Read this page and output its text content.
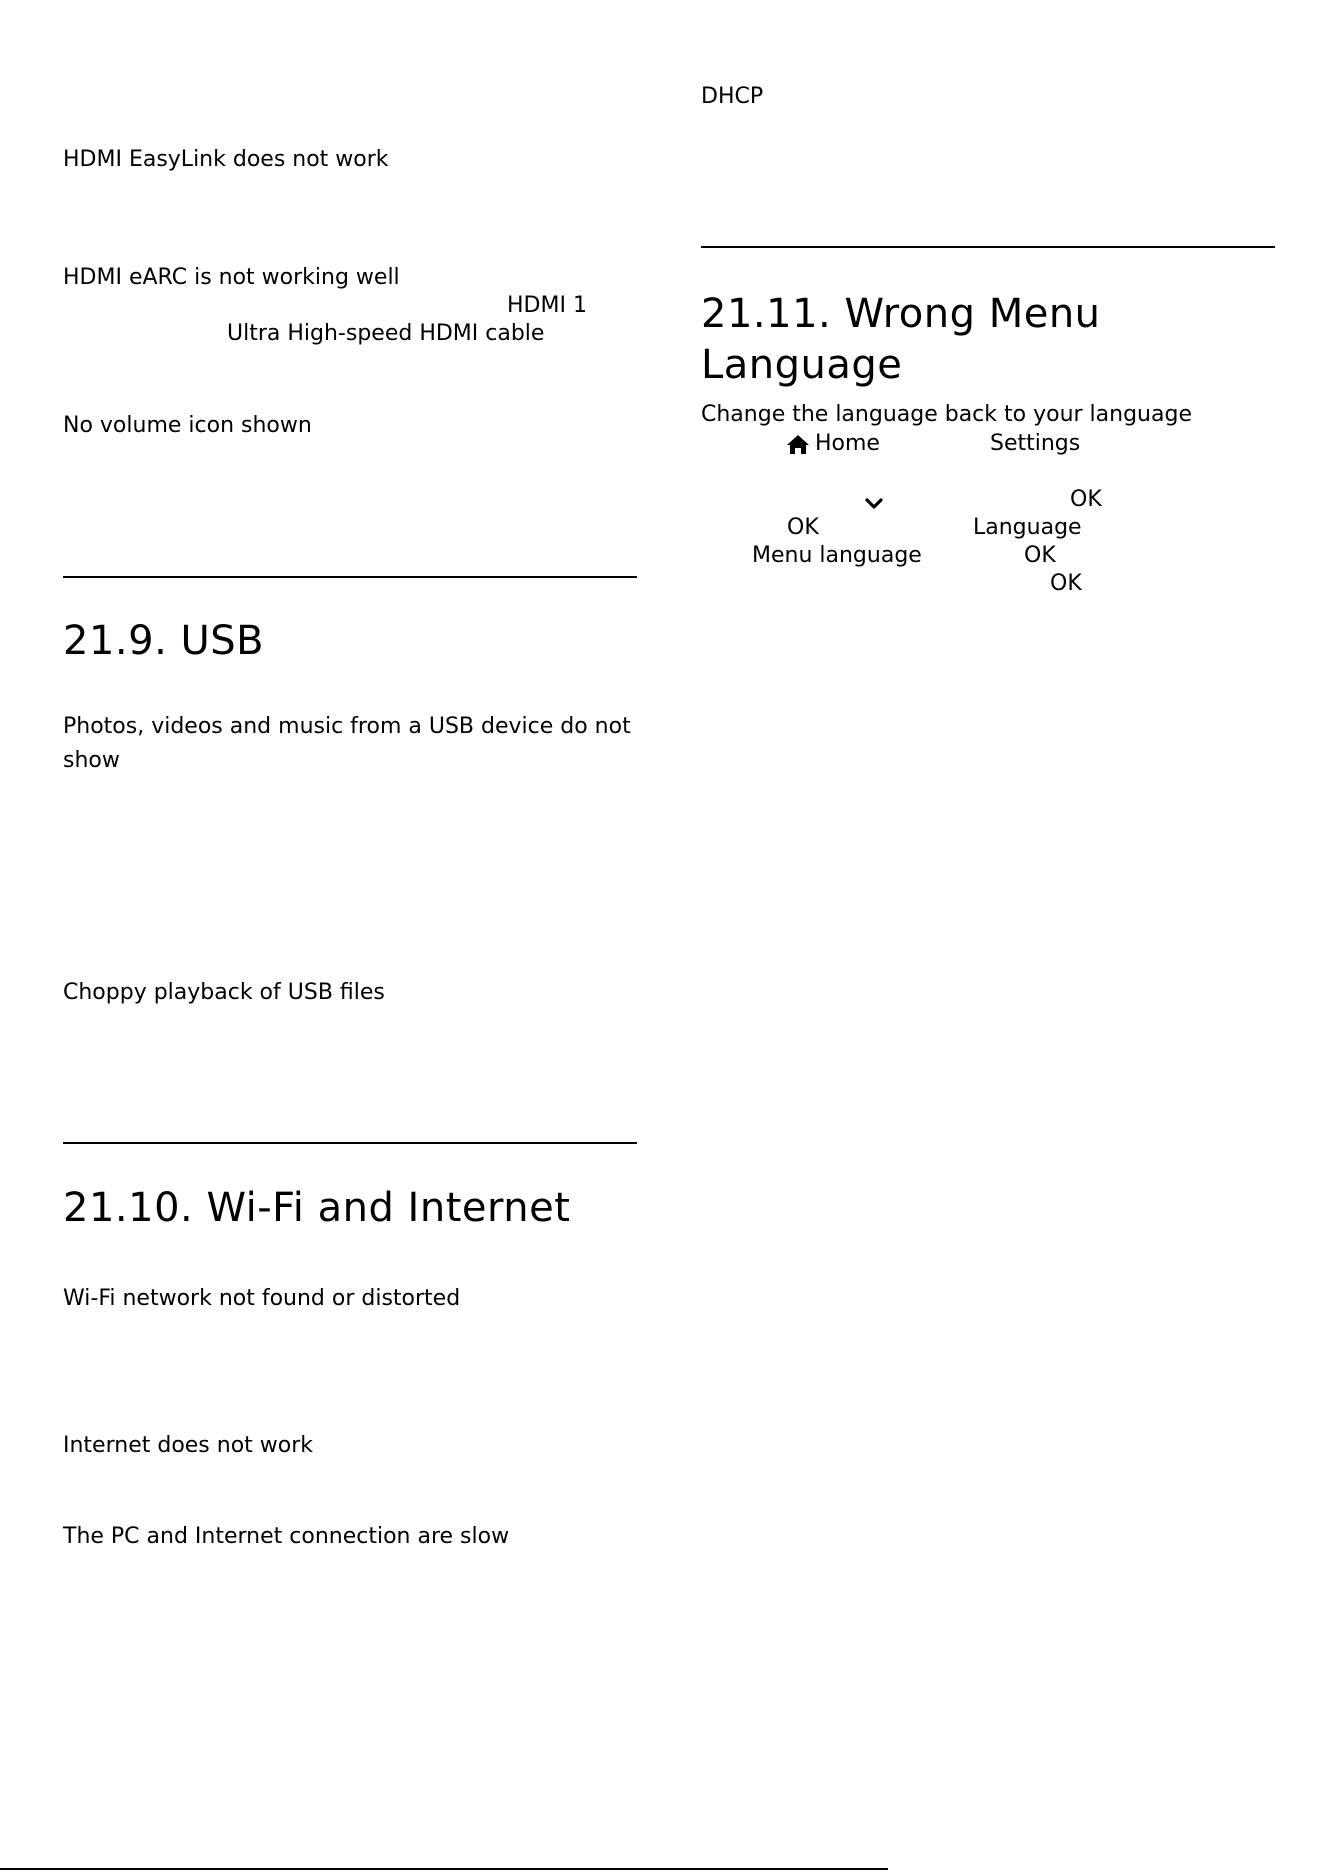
HDMI EasyLink does not work
HDMI eARC is not working well
HDMI 1
Ultra High-speed HDMI cable
No volume icon shown
21.9. USB
Photos, videos and music from a USB device do not
show
Choppy playback of USB files
21.10. Wi-Fi and Internet
Wi-Fi network not found or distorted
Internet does not work
The PC and Internet connection are slow
DHCP
21.11. Wrong Menu
Language
Change the language back to your language
Home	Settings
OK
OK	Language
Menu language	OK
OK
